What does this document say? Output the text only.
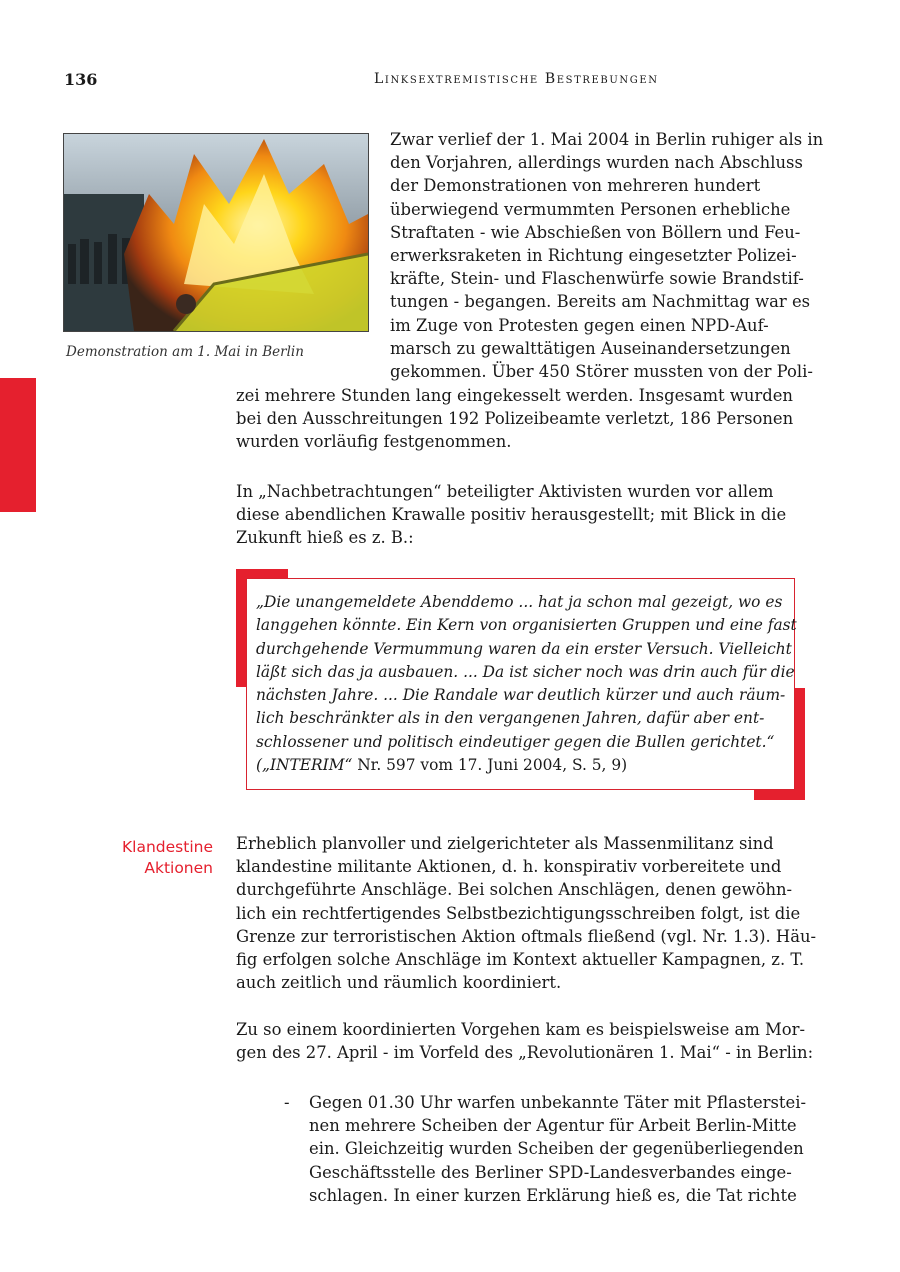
136	Linksextremistische Bestrebungen
Demonstration am 1. Mai in Berlin

Zwar verlief der 1. Mai 2004 in Berlin ruhiger als in
den Vorjahren, allerdings wurden nach Abschluss
der Demonstrationen von mehreren hundert
überwiegend vermummten Personen erhebliche
Straftaten - wie Abschießen von Böllern und Feu-
erwerksraketen in Richtung eingesetzter Polizei-
kräfte, Stein- und Flaschenwürfe sowie Brandstif-
tungen - begangen. Bereits am Nachmittag war es
im Zuge von Protesten gegen einen NPD-Auf-
marsch zu gewalttätigen Auseinandersetzungen
gekommen. Über 450 Störer mussten von der Poli-

zei mehrere Stunden lang eingekesselt werden. Insgesamt wurden
bei den Ausschreitungen 192 Polizeibeamte verletzt, 186 Personen
wurden vorläufig festgenommen.

In „Nachbetrachtungen“ beteiligter Aktivisten wurden vor allem
diese abendlichen Krawalle positiv herausgestellt; mit Blick in die
Zukunft hieß es z. B.:

„Die unangemeldete Abenddemo ... hat ja schon mal gezeigt, wo es
langgehen könnte. Ein Kern von organisierten Gruppen und eine fast
durchgehende Vermummung waren da ein erster Versuch. Vielleicht
läßt sich das ja ausbauen. ... Da ist sicher noch was drin auch für die
nächsten Jahre. ... Die Randale war deutlich kürzer und auch räum-
lich beschränkter als in den vergangenen Jahren, dafür aber ent-
schlossener und politisch eindeutiger gegen die Bullen gerichtet.“
(„INTERIM“ Nr. 597 vom 17. Juni 2004, S. 5, 9)

Klandestine
Aktionen

Erheblich planvoller und zielgerichteter als Massenmilitanz sind
klandestine militante Aktionen, d. h. konspirativ vorbereitete und
durchgeführte Anschläge. Bei solchen Anschlägen, denen gewöhn-
lich ein rechtfertigendes Selbstbezichtigungsschreiben folgt, ist die
Grenze zur terroristischen Aktion oftmals fließend (vgl. Nr. 1.3). Häu-
fig erfolgen solche Anschläge im Kontext aktueller Kampagnen, z. T.
auch zeitlich und räumlich koordiniert.

Zu so einem koordinierten Vorgehen kam es beispielsweise am Mor-
gen des 27. April - im Vorfeld des „Revolutionären 1. Mai“ - in Berlin:

- Gegen 01.30 Uhr warfen unbekannte Täter mit Pflasterstei-
nen mehrere Scheiben der Agentur für Arbeit Berlin-Mitte
ein. Gleichzeitig wurden Scheiben der gegenüberliegenden
Geschäftsstelle des Berliner SPD-Landesverbandes einge-
schlagen. In einer kurzen Erklärung hieß es, die Tat richte
